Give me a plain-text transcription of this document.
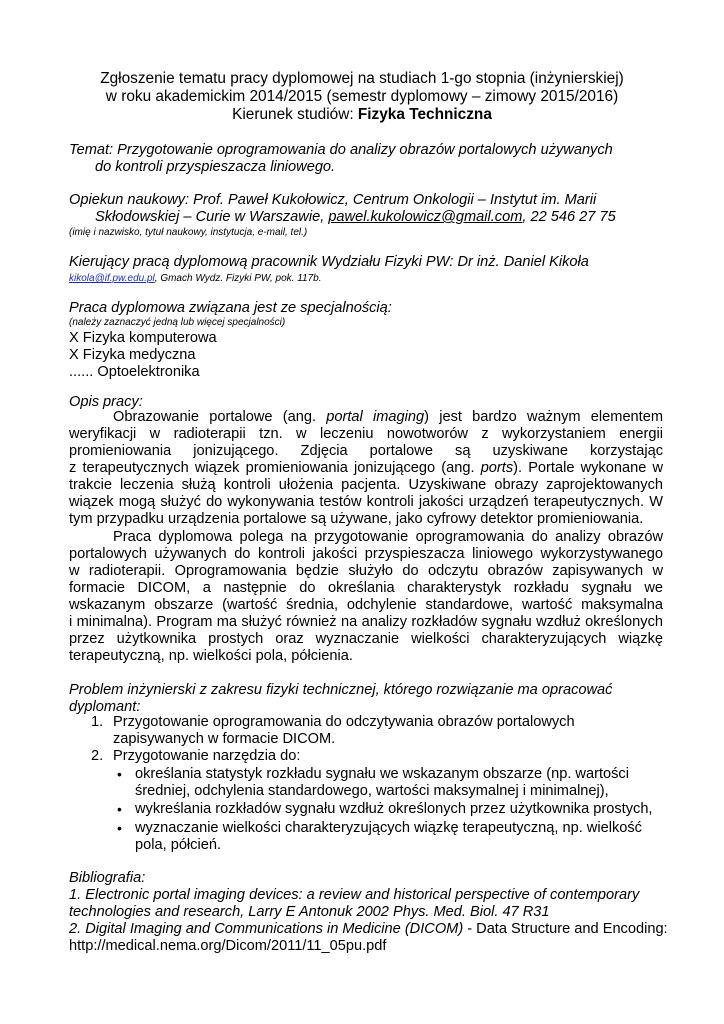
Zgłoszenie tematu pracy dyplomowej na studiach 1-go stopnia (inżynierskiej)
w roku akademickim 2014/2015 (semestr dyplomowy – zimowy 2015/2016)
Kierunek studiów: Fizyka Techniczna
Temat: Przygotowanie oprogramowania do analizy obrazów portalowych używanych
do kontroli przyspieszacza liniowego.
Opiekun naukowy: Prof. Paweł Kukołowicz, Centrum Onkologii – Instytut im. Marii
Skłodowskiej – Curie w Warszawie, pawel.kukolowicz@gmail.com, 22 546 27 75
(imię i nazwisko, tytuł naukowy, instytucja, e-mail, tel.)
Kierujący pracą dyplomową pracownik Wydziału Fizyki PW: Dr inż. Daniel Kikoła
kikola@if.pw.edu.pl, Gmach Wydz. Fizyki PW, pok. 117b.
Praca dyplomowa związana jest ze specjalnością:
(należy zaznaczyć jedną lub więcej specjalności)
X Fizyka komputerowa
X Fizyka medyczna
...... Optoelektronika
Opis pracy:
Obrazowanie portalowe (ang. portal imaging) jest bardzo ważnym elementem
weryfikacji w radioterapii tzn. w leczeniu nowotworów z wykorzystaniem energii
promieniowania jonizującego. Zdjęcia portalowe są uzyskiwane korzystając
z terapeutycznych wiązek promieniowania jonizującego (ang. ports). Portale wykonane w
trakcie leczenia służą kontroli ułożenia pacjenta. Uzyskiwane obrazy zaprojektowanych
wiązek mogą służyć do wykonywania testów kontroli jakości urządzeń terapeutycznych. W
tym przypadku urządzenia portalowe są używane, jako cyfrowy detektor promieniowania.
Praca dyplomowa polega na przygotowanie oprogramowania do analizy obrazów
portalowych używanych do kontroli jakości przyspieszacza liniowego wykorzystywanego
w radioterapii. Oprogramowania będzie służyło do odczytu obrazów zapisywanych w
formacie DICOM, a następnie do określania charakterystyk rozkładu sygnału we
wskazanym obszarze (wartość średnia, odchylenie standardowe, wartość maksymalna
i minimalna). Program ma służyć również na analizy rozkładów sygnału wzdłuż określonych
przez użytkownika prostych oraz wyznaczanie wielkości charakteryzujących wiązkę
terapeutyczną, np. wielkości pola, półcienia.
Problem inżynierski z zakresu fizyki technicznej, którego rozwiązanie ma opracować
dyplomant:
1. Przygotowanie oprogramowania do odczytywania obrazów portalowych
zapisywanych w formacie DICOM.
2. Przygotowanie narzędzia do:
• określania statystyk rozkładu sygnału we wskazanym obszarze (np. wartości
średniej, odchylenia standardowego, wartości maksymalnej i minimalnej),
• wykreślania rozkładów sygnału wzdłuż określonych przez użytkownika prostych,
• wyznaczanie wielkości charakteryzujących wiązkę terapeutyczną, np. wielkość
pola, półcień.
Bibliografia:
1. Electronic portal imaging devices: a review and historical perspective of contemporary
technologies and research, Larry E Antonuk 2002 Phys. Med. Biol. 47 R31
2. Digital Imaging and Communications in Medicine (DICOM) - Data Structure and Encoding:
http://medical.nema.org/Dicom/2011/11_05pu.pdf
